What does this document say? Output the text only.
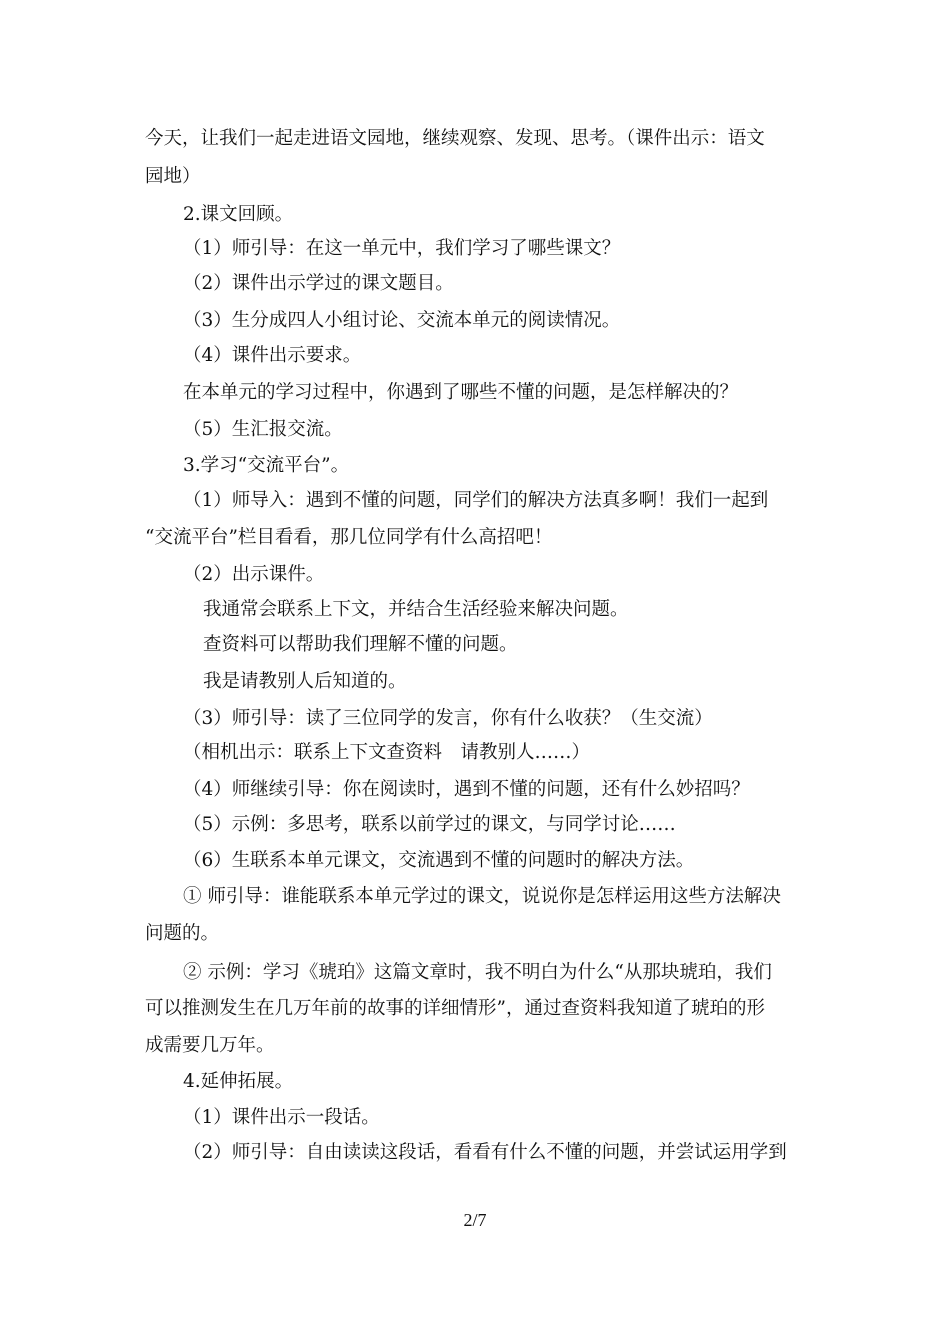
今天，让我们一起走进语文园地，继续观察、发现、思考。（课件出示：语文
园地）
2.课文回顾。
（1）师引导：在这一单元中，我们学习了哪些课文？
（2）课件出示学过的课文题目。
（3）生分成四人小组讨论、交流本单元的阅读情况。
（4）课件出示要求。
在本单元的学习过程中，你遇到了哪些不懂的问题，是怎样解决的？
（5）生汇报交流。
3.学习“交流平台”。
（1）师导入：遇到不懂的问题，同学们的解决方法真多啊！我们一起到
“交流平台”栏目看看，那几位同学有什么高招吧！
（2）出示课件。
我通常会联系上下文，并结合生活经验来解决问题。
查资料可以帮助我们理解不懂的问题。
我是请教别人后知道的。
（3）师引导：读了三位同学的发言，你有什么收获？（生交流）
（相机出示：联系上下文查资料　请教别人……）
（4）师继续引导：你在阅读时，遇到不懂的问题，还有什么妙招吗？
（5）示例：多思考，联系以前学过的课文，与同学讨论……
（6）生联系本单元课文，交流遇到不懂的问题时的解决方法。
① 师引导：谁能联系本单元学过的课文，说说你是怎样运用这些方法解决
问题的。
② 示例：学习《琥珀》这篇文章时，我不明白为什么“从那块琥珀，我们
可以推测发生在几万年前的故事的详细情形”，通过查资料我知道了琥珀的形
成需要几万年。
4.延伸拓展。
（1）课件出示一段话。
（2）师引导：自由读读这段话，看看有什么不懂的问题，并尝试运用学到
2/7
